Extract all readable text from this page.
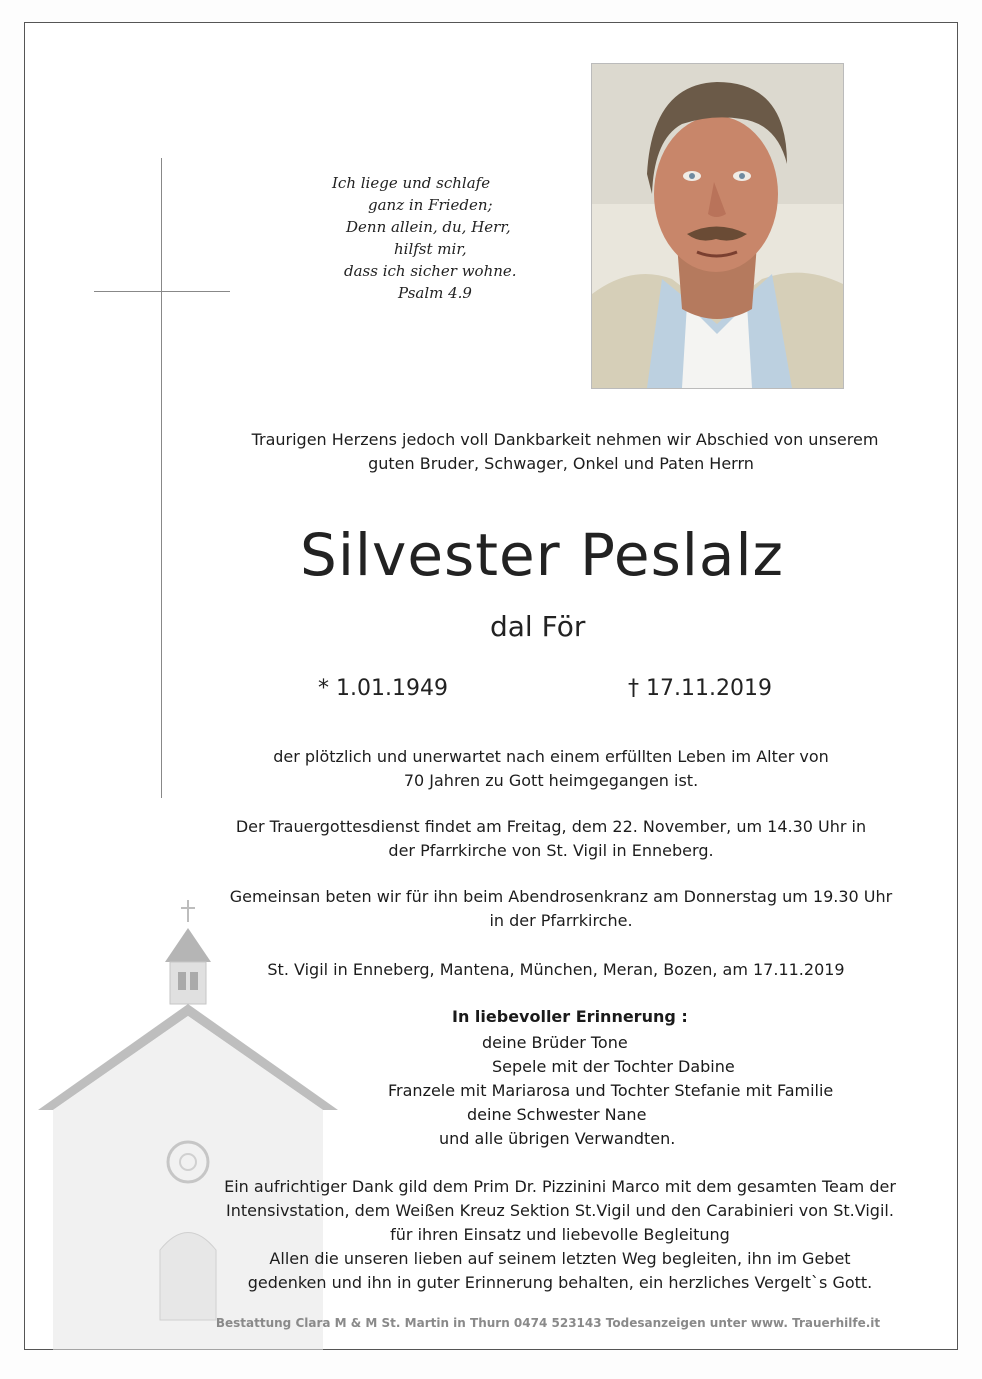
Ich liege und schlafe
ganz in Frieden;
Denn allein, du, Herr,
hilfst mir,
dass ich sicher wohne.
Psalm 4.9
Traurigen Herzens jedoch voll Dankbarkeit nehmen wir Abschied von unserem
guten Bruder, Schwager, Onkel und Paten Herrn
Silvester Peslalz
dal För
* 1.01.1949	† 17.11.2019
der plötzlich und unerwartet nach einem erfüllten Leben im Alter von
70 Jahren zu Gott heimgegangen ist.
Der Trauergottesdienst findet am Freitag, dem 22. November, um 14.30 Uhr in
der Pfarrkirche von St. Vigil in Enneberg.
Gemeinsan beten wir für ihn beim Abendrosenkranz am Donnerstag um 19.30 Uhr
in der Pfarrkirche.
St. Vigil in Enneberg, Mantena, München, Meran, Bozen, am 17.11.2019
In liebevoller Erinnerung :
deine Brüder Tone
Sepele mit der Tochter Dabine
Franzele mit Mariarosa und Tochter Stefanie mit Familie
deine Schwester Nane
und alle übrigen Verwandten.
Ein aufrichtiger Dank gild dem Prim Dr. Pizzinini Marco mit dem gesamten Team der
Intensivstation, dem Weißen Kreuz Sektion St.Vigil und den Carabinieri von St.Vigil.
für ihren Einsatz und liebevolle Begleitung
Allen die unseren lieben auf seinem letzten Weg begleiten, ihn im Gebet
gedenken und ihn in guter Erinnerung behalten, ein herzliches Vergelt`s Gott.
Bestattung Clara M & M St. Martin in Thurn 0474 523143 Todesanzeigen unter www. Trauerhilfe.it
